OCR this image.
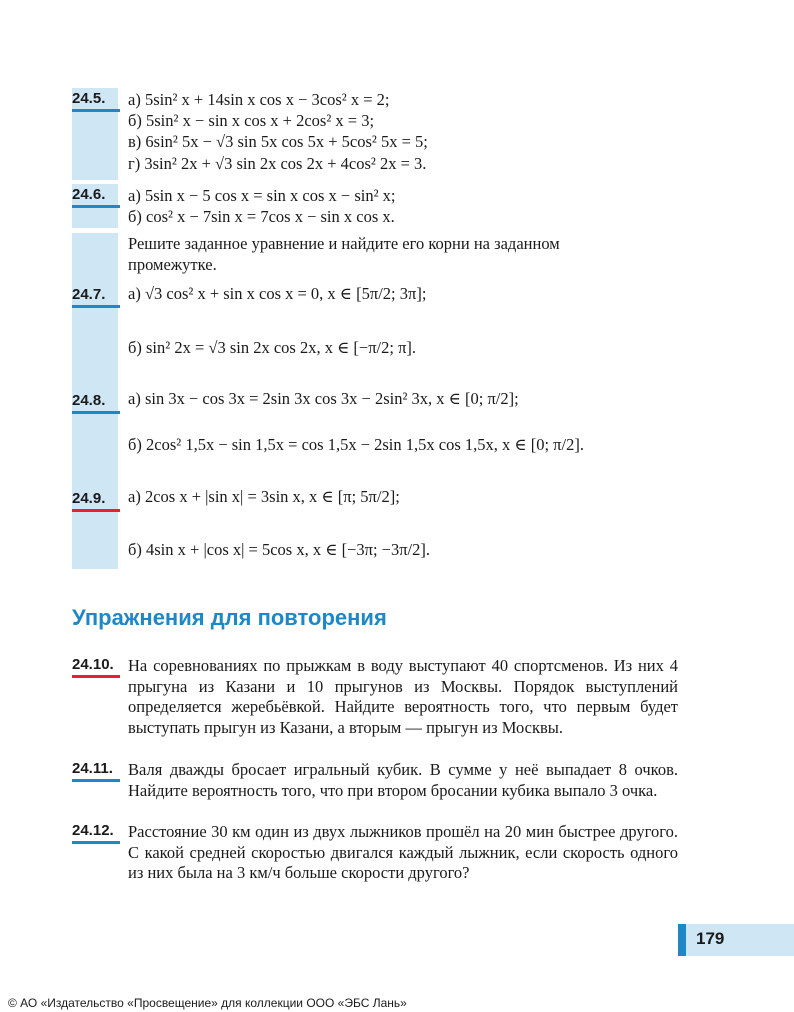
24.5.	а) 5sin² x + 14sin x cos x − 3cos² x = 2;
б) 5sin² x − sin x cos x + 2cos² x = 3;
в) 6sin² 5x − √3 sin 5x cos 5x + 5cos² 5x = 5;
г) 3sin² 2x + √3 sin 2x cos 2x + 4cos² 2x = 3.
24.6.	а) 5sin x − 5 cos x = sin x cos x − sin² x;
б) cos² x − 7sin x = 7cos x − sin x cos x.
Решите заданное уравнение и найдите его корни на заданном
промежутке.
24.7.	а) √3 cos² x + sin x cos x = 0, x ∈ [5π/2; 3π];
б) sin² 2x = √3 sin 2x cos 2x, x ∈ [−π/2; π].
24.8.	а) sin 3x − cos 3x = 2sin 3x cos 3x − 2sin² 3x, x ∈ [0; π/2];
б) 2cos² 1,5x − sin 1,5x = cos 1,5x − 2sin 1,5x cos 1,5x, x ∈ [0; π/2].
24.9.	а) 2cos x + |sin x| = 3sin x, x ∈ [π; 5π/2];
б) 4sin x + |cos x| = 5cos x, x ∈ [−3π; −3π/2].
Упражнения для повторения
24.10. На соревнованиях по прыжкам в воду выступают 40 спортсменов. Из них 4 прыгуна из Казани и 10 прыгунов из Москвы. Порядок выступлений определяется жеребьёвкой. Найдите вероятность того, что первым будет выступать прыгун из Казани, а вторым — прыгун из Москвы.
24.11. Валя дважды бросает игральный кубик. В сумме у неё выпадает 8 очков. Найдите вероятность того, что при втором бросании кубика выпало 3 очка.
24.12. Расстояние 30 км один из двух лыжников прошёл на 20 мин быстрее другого. С какой средней скоростью двигался каждый лыжник, если скорость одного из них была на 3 км/ч больше скорости другого?
179
© АО «Издательство «Просвещение» для коллекции ООО «ЭБС Лань»
